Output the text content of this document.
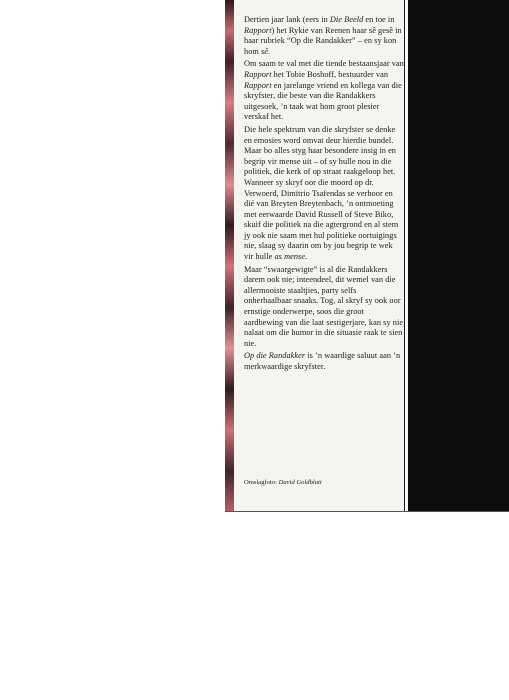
Dertien jaar lank (eers in Die Beeld en toe in Rapport) het Rykie van Reenen haar sê gesê in haar rubriek “Op die Randakker” – en sy kon hom sê.

Om saam te val met die tiende bestaansjaar van Rapport het Tobie Boshoff, bestuurder van Rapport en jarelange vriend en kollega van die skryfster, die beste van die Randakkers uitgesoek, ’n taak wat hom groot plesier verskaf het.

Die hele spektrum van die skryfster se denke en emosies word omvat deur hierdie bundel. Maar bo alles styg haar besondere insig in en begrip vir mense uit – of sy hulle nou in die politiek, die kerk of op straat raakgeloop het. Wanneer sy skryf oor die moord op dr. Verwoerd, Dimitrio Tsafendas se verhoor en dié van Breyten Breytenbach, ’n ontmoeting met eerwaarde David Russell of Steve Biko, skuif die politiek na die agtergrond en al stem jy ook nie saam met hul politieke oortuigings nie, slaag sy daarin om by jou begrip te wek vir hulle as mense.

Maar “swaargewigte” is al die Randakkers darem ook nie; inteendeel, dit wemel van die allermooiste staaltjies, party selfs onherhaalbaar snaaks. Tog, al skryf sy ook oor ernstige onderwerpe, soos die groot aardbewing van die laat sestigerjare, kan sy nie nalaat om die humor in die situasie raak te sien nie.

Op die Randakker is ’n waardige saluut aan ’n merkwaardige skryfster.

Omslagfoto: David Goldblatt
